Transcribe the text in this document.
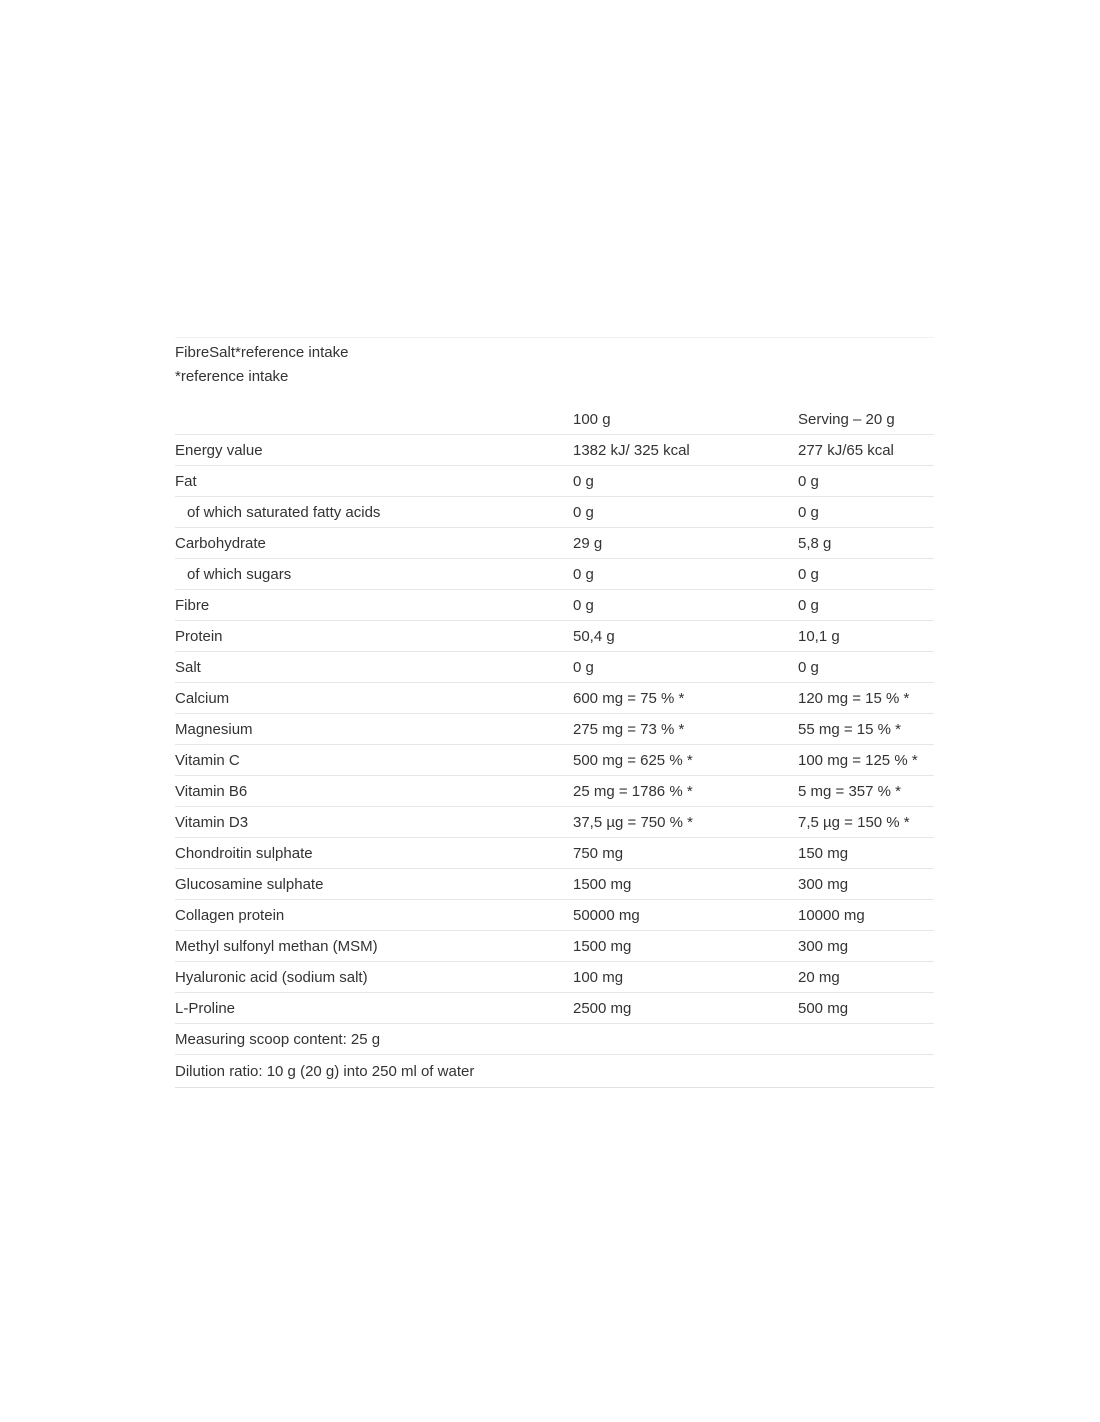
FibreSalt*reference intake
*reference intake
	100 g	Serving – 20 g
Energy value	1382 kJ/ 325 kcal	277 kJ/65 kcal
Fat	0 g	0 g
of which saturated fatty acids	0 g	0 g
Carbohydrate	29 g	5,8 g
of which sugars	0 g	0 g
Fibre	0 g	0 g
Protein	50,4 g	10,1 g
Salt	0 g	0 g
Calcium	600 mg = 75 % *	120 mg = 15 % *
Magnesium	275 mg = 73 % *	55 mg = 15 % *
Vitamin C	500 mg = 625 % *	100 mg = 125 % *
Vitamin B6	25 mg = 1786 % *	5 mg = 357 % *
Vitamin D3	37,5 µg = 750 % *	7,5 µg = 150 % *
Chondroitin sulphate	750 mg	150 mg
Glucosamine sulphate	1500 mg	300 mg
Collagen protein	50000 mg	10000 mg
Methyl sulfonyl methan (MSM)	1500 mg	300 mg
Hyaluronic acid (sodium salt)	100 mg	20 mg
L-Proline	2500 mg	500 mg
Measuring scoop content: 25 g		
Dilution ratio: 10 g (20 g) into 250 ml of water		
